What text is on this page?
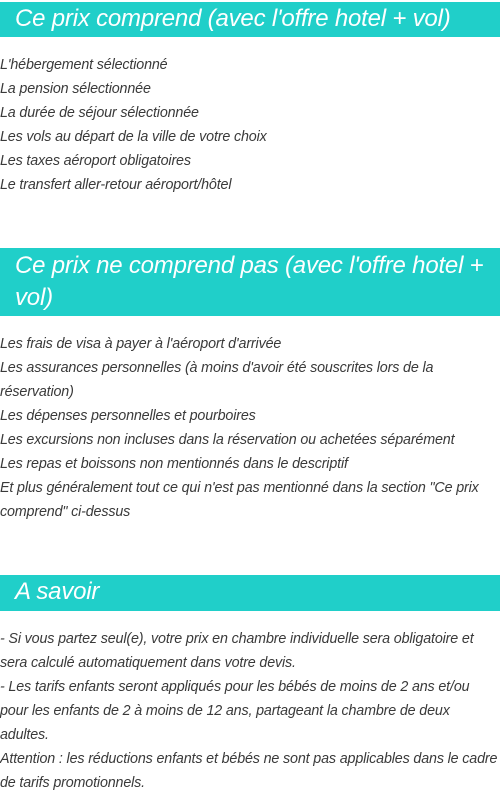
Ce prix comprend (avec l'offre hotel + vol)
L'hébergement sélectionné
La pension sélectionnée
La durée de séjour sélectionnée
Les vols au départ de la ville de votre choix
Les taxes aéroport obligatoires
Le transfert aller-retour aéroport/hôtel
Ce prix ne comprend pas (avec l'offre hotel + vol)
Les frais de visa à payer à l'aéroport d'arrivée
Les assurances personnelles (à moins d'avoir été souscrites lors de la réservation)
Les dépenses personnelles et pourboires
Les excursions non incluses dans la réservation ou achetées séparément
Les repas et boissons non mentionnés dans le descriptif
Et plus généralement tout ce qui n'est pas mentionné dans la section "Ce prix comprend" ci-dessus
A savoir

- Si vous partez seul(e), votre prix en chambre individuelle sera obligatoire et sera calculé automatiquement dans votre devis.

- Les tarifs enfants seront appliqués pour les bébés de moins de 2 ans et/ou pour les enfants de 2 à moins de 12 ans, partageant la chambre de deux adultes.

Attention : les réductions enfants et bébés ne sont pas applicables dans le cadre de tarifs promotionnels.
